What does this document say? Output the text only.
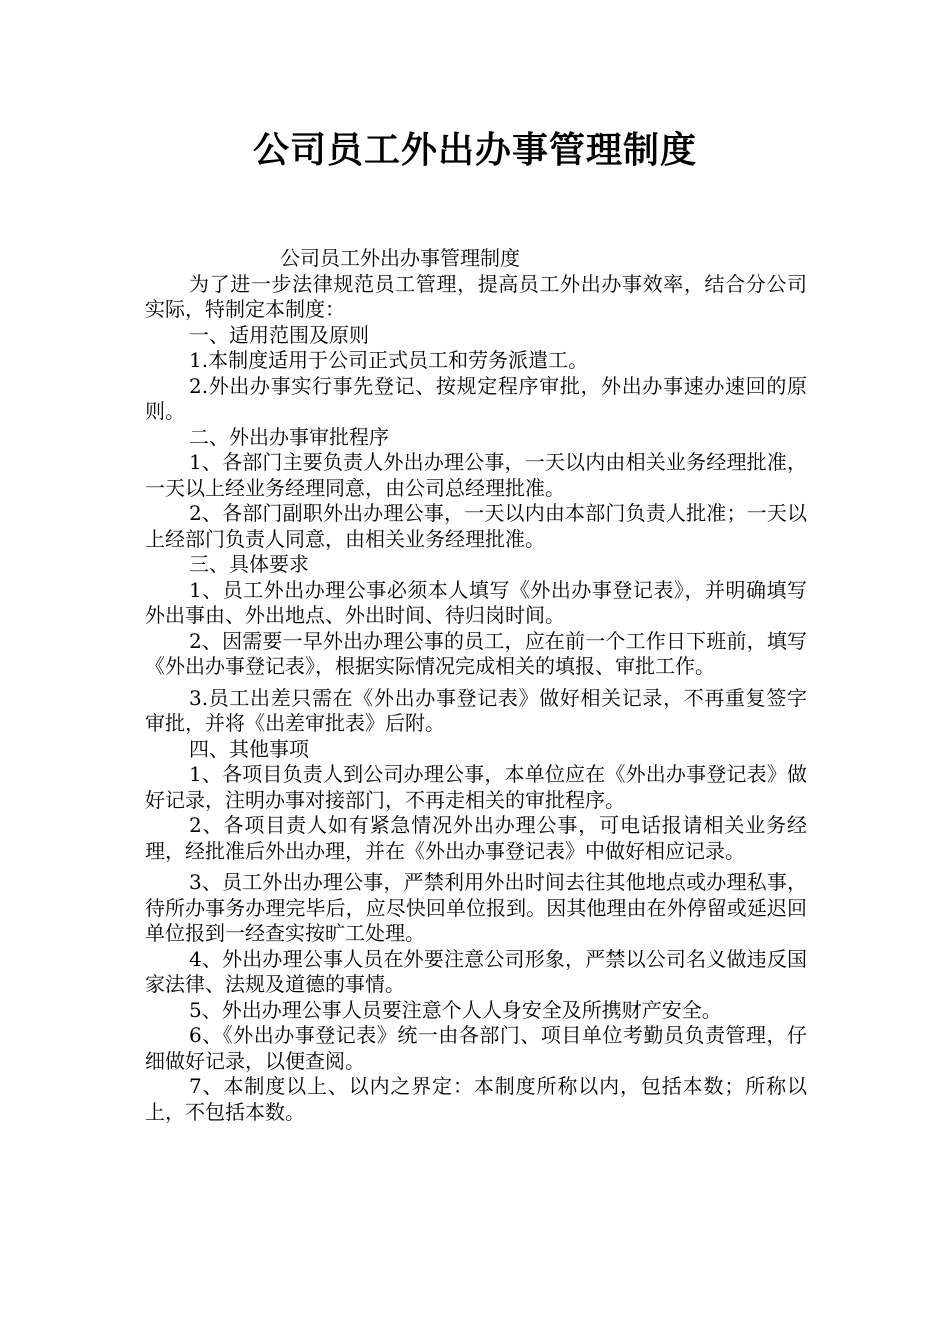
公司员工外出办事管理制度
公司员工外出办事管理制度

为了进一步法律规范员工管理，提高员工外出办事效率，结合分公司实际，特制定本制度：

一、适用范围及原则

1.本制度适用于公司正式员工和劳务派遣工。

2.外出办事实行事先登记、按规定程序审批，外出办事速办速回的原则。

二、外出办事审批程序

1、各部门主要负责人外出办理公事，一天以内由相关业务经理批准，一天以上经业务经理同意，由公司总经理批准。

2、各部门副职外出办理公事，一天以内由本部门负责人批准；一天以上经部门负责人同意，由相关业务经理批准。

三、具体要求

1、员工外出办理公事必须本人填写《外出办事登记表》，并明确填写外出事由、外出地点、外出时间、待归岗时间。

2、因需要一早外出办理公事的员工，应在前一个工作日下班前，填写《外出办事登记表》，根据实际情况完成相关的填报、审批工作。

3.员工出差只需在《外出办事登记表》做好相关记录，不再重复签字审批，并将《出差审批表》后附。

四、其他事项

1、各项目负责人到公司办理公事，本单位应在《外出办事登记表》做好记录，注明办事对接部门，不再走相关的审批程序。

2、各项目责人如有紧急情况外出办理公事，可电话报请相关业务经理，经批准后外出办理，并在《外出办事登记表》中做好相应记录。

3、员工外出办理公事，严禁利用外出时间去往其他地点或办理私事，待所办事务办理完毕后，应尽快回单位报到。因其他理由在外停留或延迟回单位报到一经查实按旷工处理。

4、外出办理公事人员在外要注意公司形象，严禁以公司名义做违反国家法律、法规及道德的事情。

5、外出办理公事人员要注意个人人身安全及所携财产安全。

6、《外出办事登记表》统一由各部门、项目单位考勤员负责管理，仔细做好记录，以便查阅。

7、本制度以上、以内之界定：本制度所称以内，包括本数；所称以上，不包括本数。
